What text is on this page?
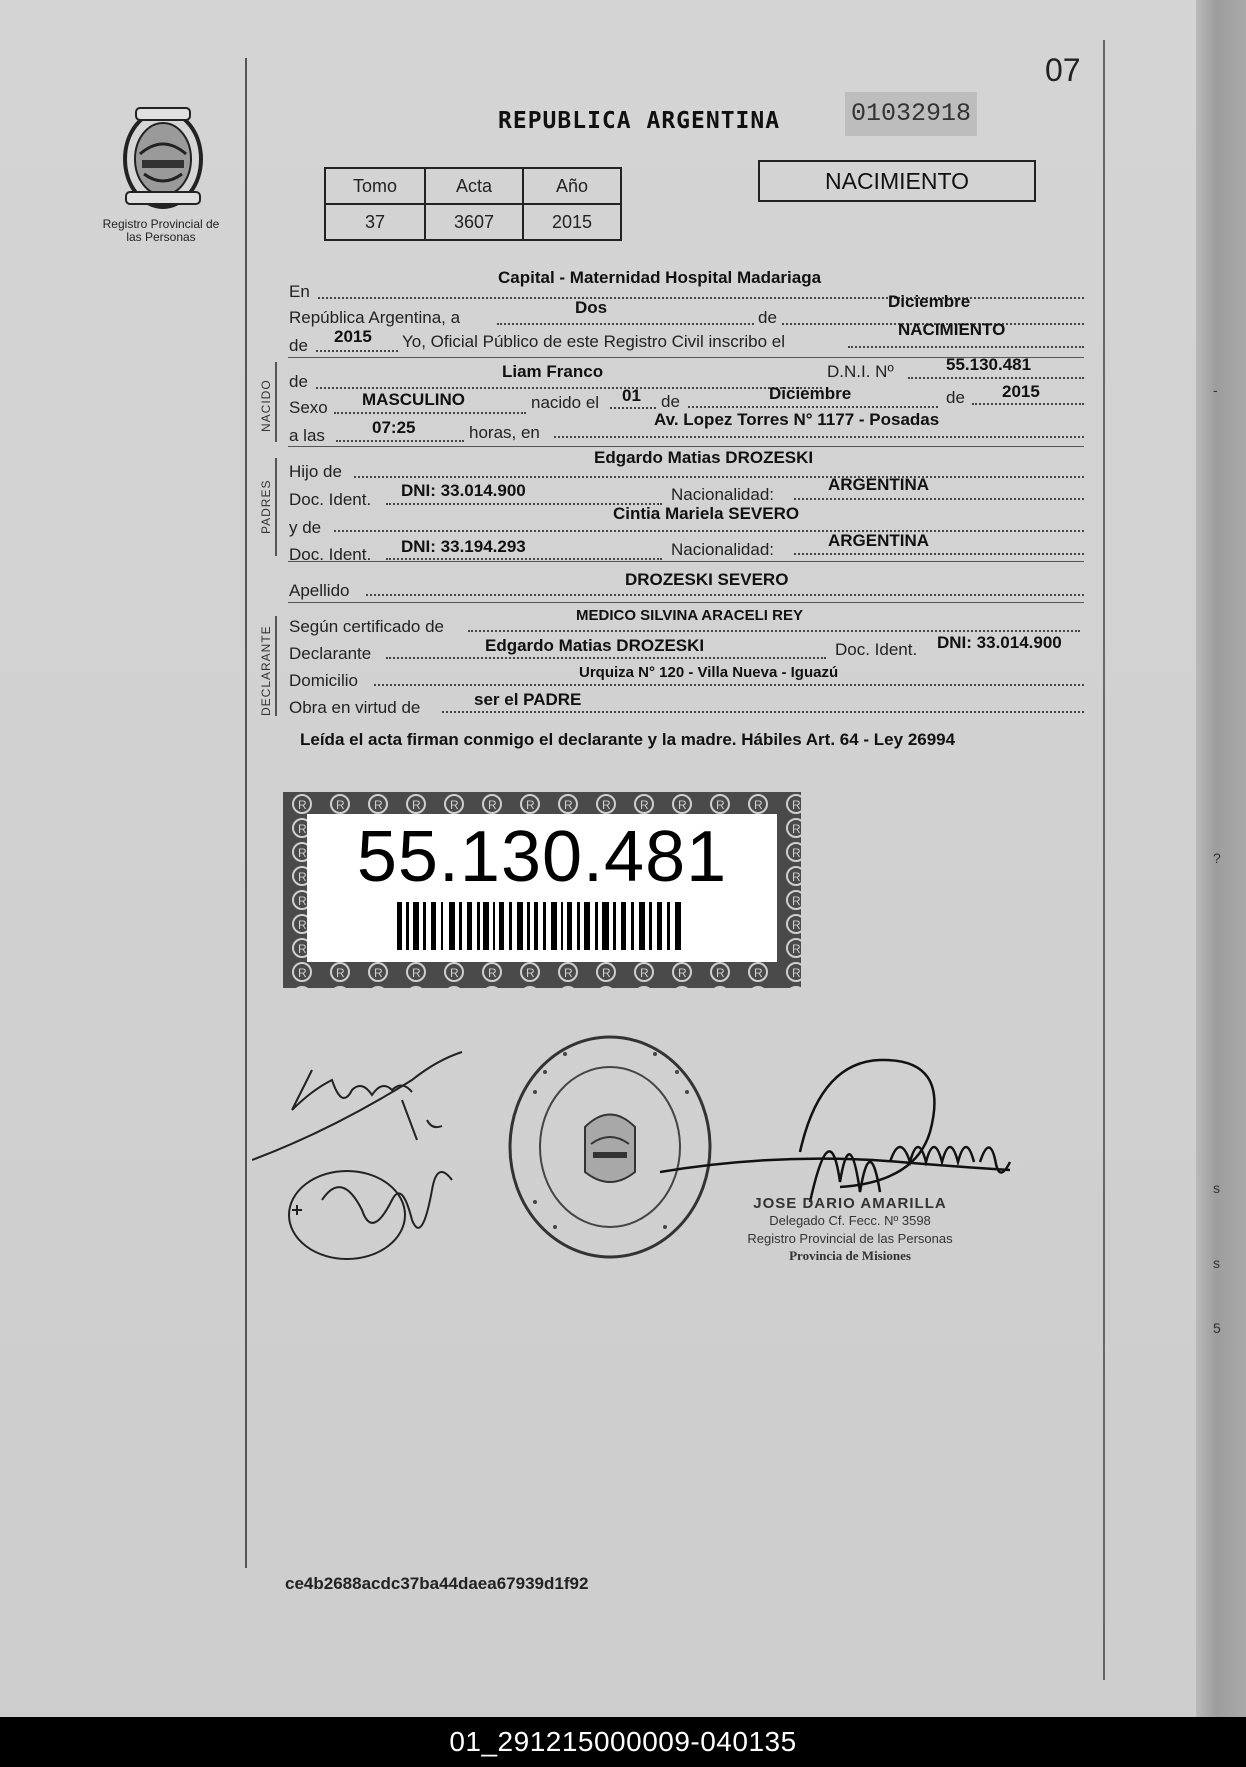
-
?
s
s
5
07
Registro Provincial de las Personas
REPUBLICA ARGENTINA	01032918
Tomo	Acta	Año
37	3607	2015
NACIMIENTO
En
Capital - Maternidad Hospital Madariaga
República Argentina, a
Dos
de
Diciembre
de 2015 Yo, Oficial Público de este Registro Civil inscribo el
NACIMIENTO
NACIDO de
Liam Franco	D.N.I. Nº	55.130.481
Sexo MASCULINO	nacido el 01 de	Diciembre	de 2015
a las	07:25	horas, en
Av. Lopez Torres N° 1177 - Posadas
PADRES
Hijo de
Edgardo Matias DROZESKI
Doc. Ident. DNI: 33.014.900	Nacionalidad:
ARGENTINA
y de
Cintia Mariela SEVERO
Doc. Ident. DNI: 33.194.293	Nacionalidad:	ARGENTINA
Apellido
DROZESKI SEVERO
DECLARANTE Según certificado de
MEDICO SILVINA ARACELI REY
Declarante	Edgardo Matias DROZESKI	Doc. Ident. DNI: 33.014.900
Domicilio	Urquiza N° 120 - Villa Nueva - Iguazú
Obra en virtud de	ser el PADRE
Leída el acta firman conmigo el declarante y la madre. Hábiles Art. 64 - Ley 26994
55.130.481
JOSE DARIO AMARILLA
Delegado Cf. Fecc. Nº 3598
Registro Provincial de las Personas
Provincia de Misiones
ce4b2688acdc37ba44daea67939d1f92
01_291215000009-040135
